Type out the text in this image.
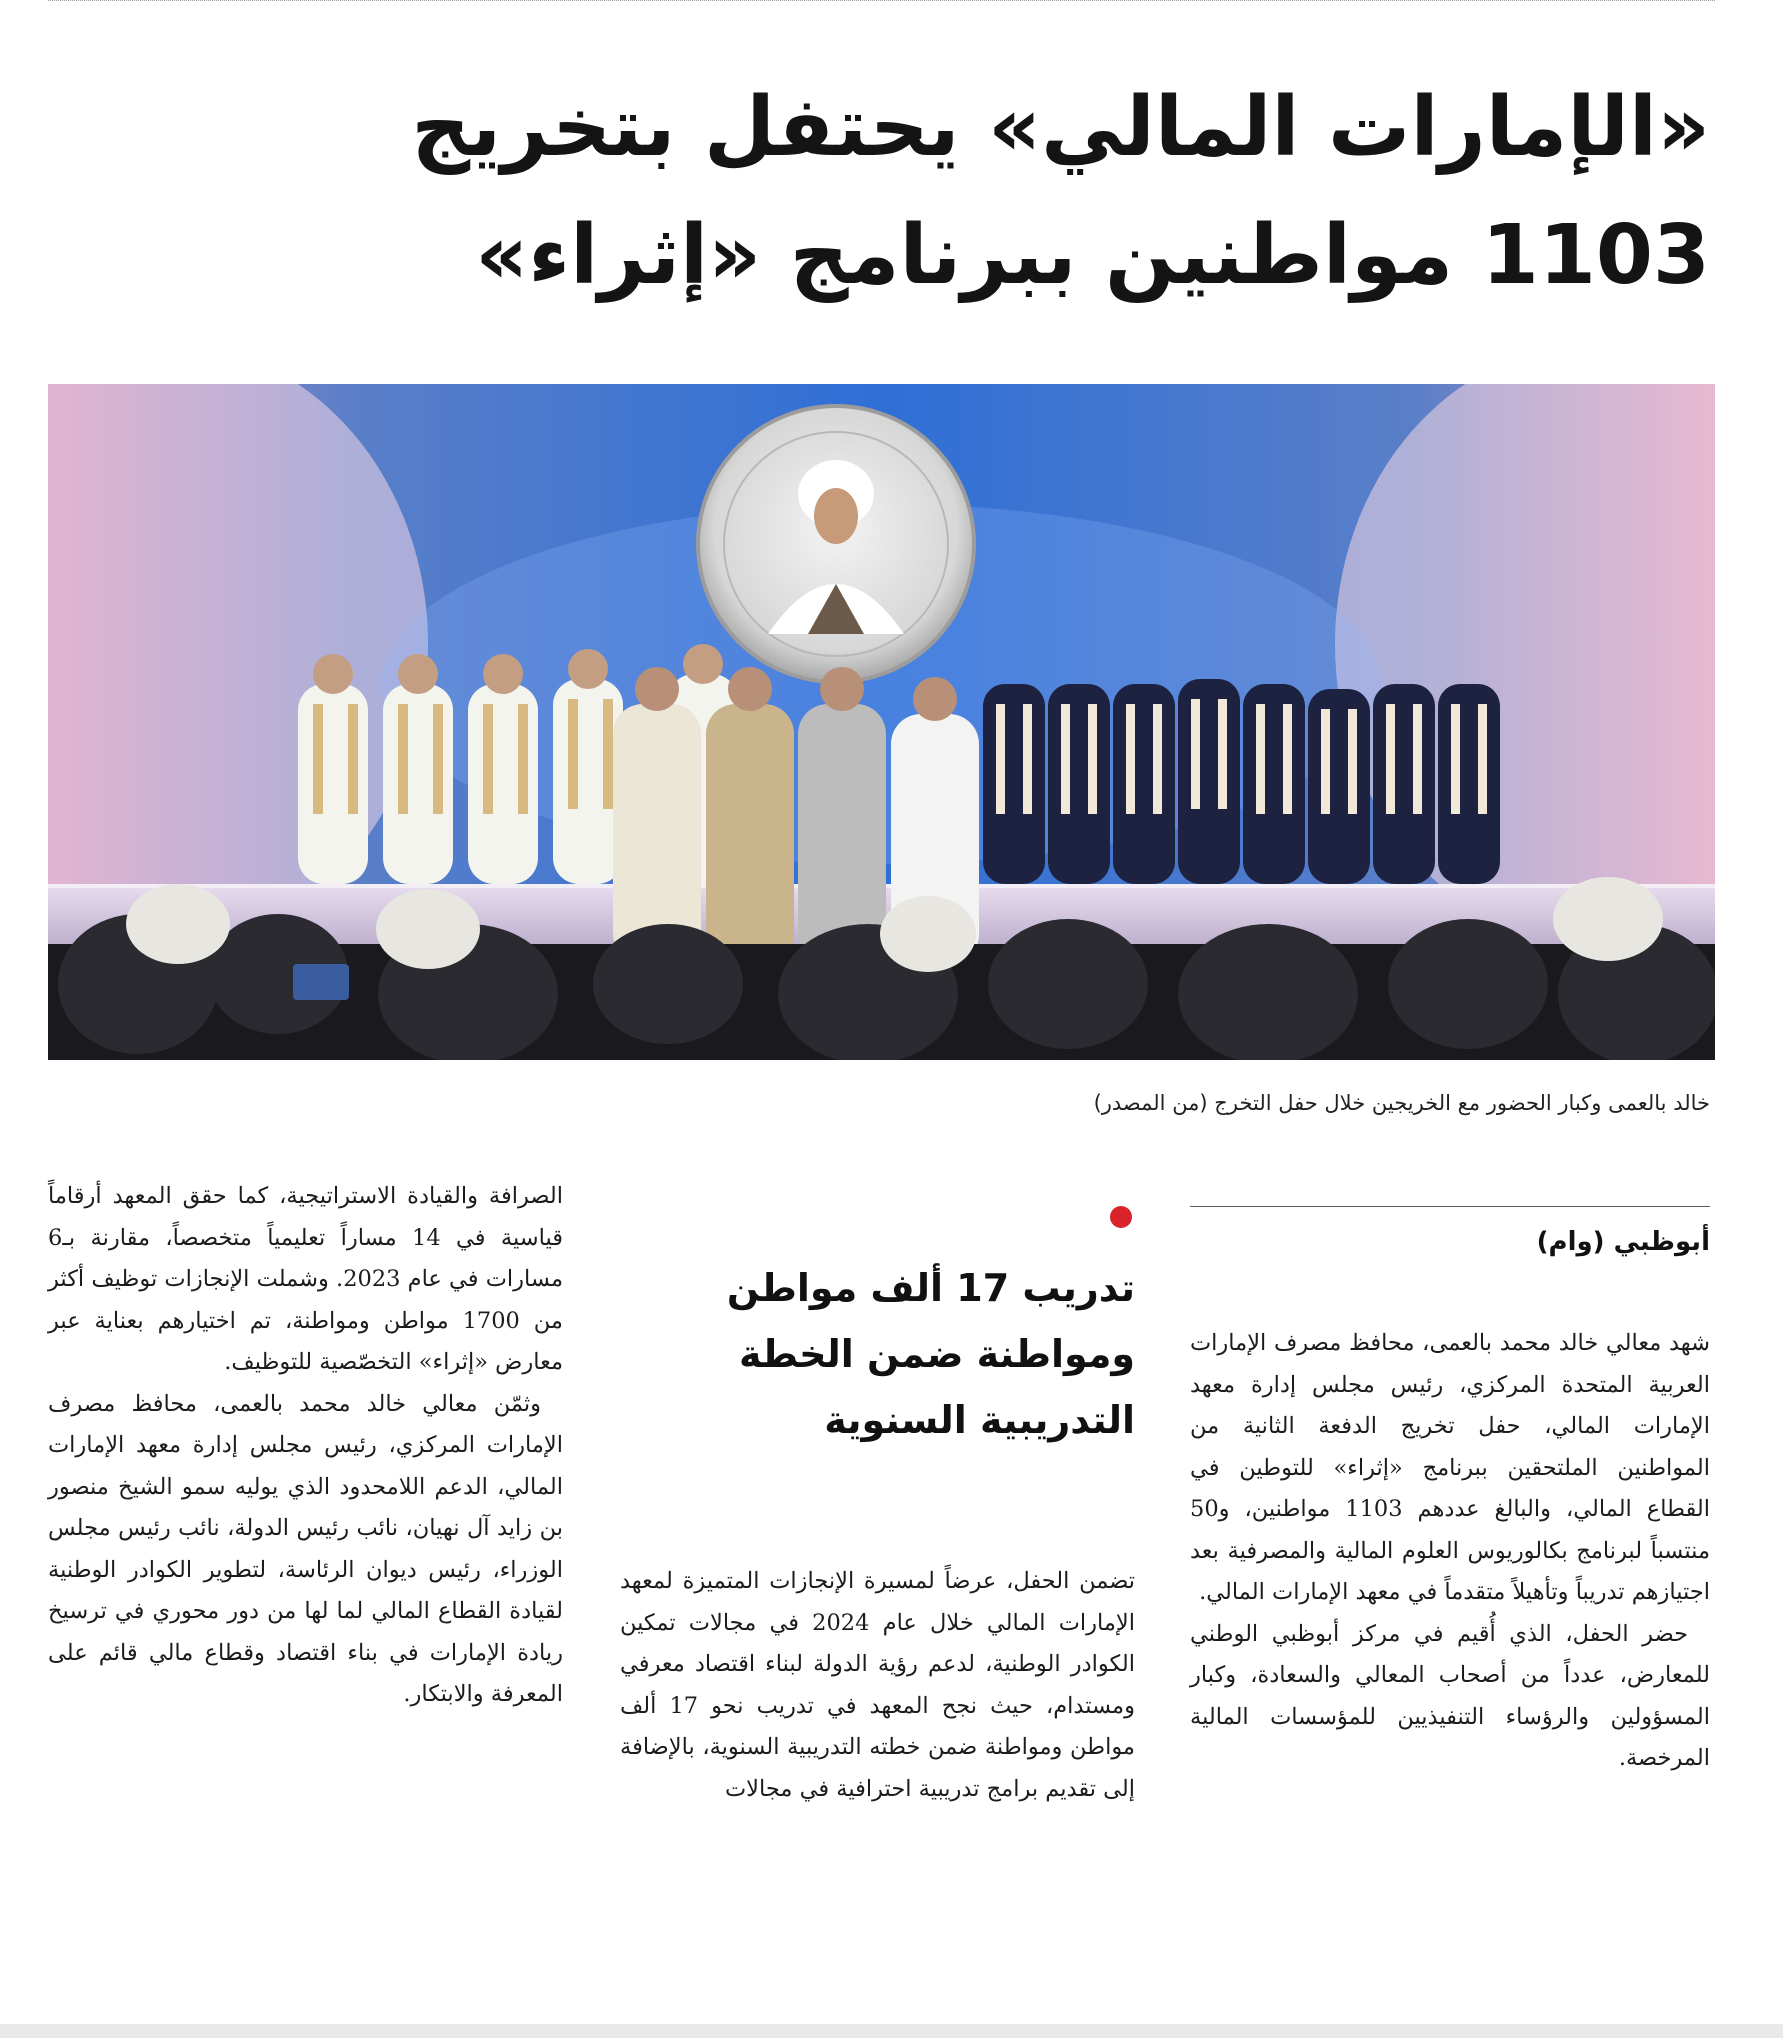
«الإمارات المالي» يحتفل بتخريج
1103 مواطنين ببرنامج «إثراء»
خالد بالعمى وكبار الحضور مع الخريجين خلال حفل التخرج (من المصدر)
أبوظبي (وام)

شهد معالي خالد محمد بالعمى، محافظ مصرف الإمارات العربية المتحدة المركزي، رئيس مجلس إدارة معهد الإمارات المالي، حفل تخريج الدفعة الثانية من المواطنين الملتحقين ببرنامج «إثراء» للتوطين في القطاع المالي، والبالغ عددهم 1103 مواطنين، و50 منتسباً لبرنامج بكالوريوس العلوم المالية والمصرفية بعد اجتيازهم تدريباً وتأهيلاً متقدماً في معهد الإمارات المالي.

حضر الحفل، الذي أُقيم في مركز أبوظبي الوطني للمعارض، عدداً من أصحاب المعالي والسعادة، وكبار المسؤولين والرؤساء التنفيذيين للمؤسسات المالية المرخصة.

تدريب 17 ألف مواطن
ومواطنة ضمن الخطة
التدريبية السنوية

تضمن الحفل، عرضاً لمسيرة الإنجازات المتميزة لمعهد الإمارات المالي خلال عام 2024 في مجالات تمكين الكوادر الوطنية، لدعم رؤية الدولة لبناء اقتصاد معرفي ومستدام، حيث نجح المعهد في تدريب نحو 17 ألف مواطن ومواطنة ضمن خطته التدريبية السنوية، بالإضافة إلى تقديم برامج تدريبية احترافية في مجالات

الصرافة والقيادة الاستراتيجية، كما حقق المعهد أرقاماً قياسية في 14 مساراً تعليمياً متخصصاً، مقارنة بـ6 مسارات في عام 2023. وشملت الإنجازات توظيف أكثر من 1700 مواطن ومواطنة، تم اختيارهم بعناية عبر معارض «إثراء» التخصّصية للتوظيف.

وثمّن معالي خالد محمد بالعمى، محافظ مصرف الإمارات المركزي، رئيس مجلس إدارة معهد الإمارات المالي، الدعم اللامحدود الذي يوليه سمو الشيخ منصور بن زايد آل نهيان، نائب رئيس الدولة، نائب رئيس مجلس الوزراء، رئيس ديوان الرئاسة، لتطوير الكوادر الوطنية لقيادة القطاع المالي لما لها من دور محوري في ترسيخ ريادة الإمارات في بناء اقتصاد وقطاع مالي قائم على المعرفة والابتكار.
